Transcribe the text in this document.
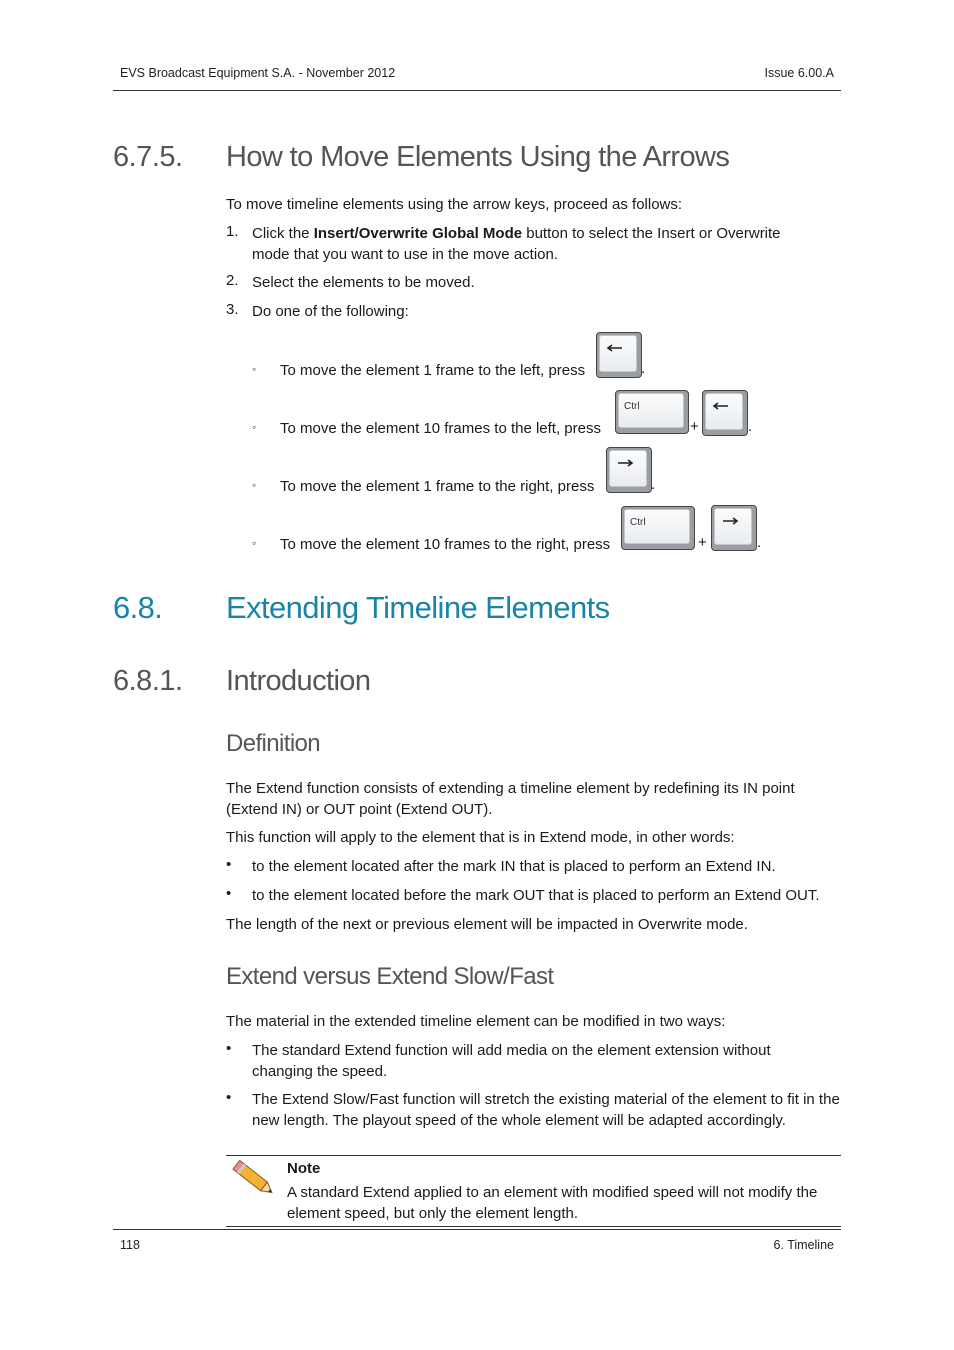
EVS Broadcast Equipment S.A. - November 2012	Issue 6.00.A
6.7.5. How to Move Elements Using the Arrows
To move timeline elements using the arrow keys, proceed as follows:
1. Click the Insert/Overwrite Global Mode button to select the Insert or Overwrite mode that you want to use in the move action.
2. Select the elements to be moved.
3. Do one of the following:
◦ To move the element 1 frame to the left, press	.
◦ To move the element 10 frames to the left, press
Ctrl
+	.
◦ To move the element 1 frame to the right, press	.
◦ To move the element 10 frames to the right, press
Ctrl
+	.
6.8. Extending Timeline Elements
6.8.1. Introduction
Definition
The Extend function consists of extending a timeline element by redefining its IN point (Extend IN) or OUT point (Extend OUT).
This function will apply to the element that is in Extend mode, in other words:
• to the element located after the mark IN that is placed to perform an Extend IN.
• to the element located before the mark OUT that is placed to perform an Extend OUT.
The length of the next or previous element will be impacted in Overwrite mode.
Extend versus Extend Slow/Fast
The material in the extended timeline element can be modified in two ways:
• The standard Extend function will add media on the element extension without changing the speed.
• The Extend Slow/Fast function will stretch the existing material of the element to fit in the new length. The playout speed of the whole element will be adapted accordingly.
Note
A standard Extend applied to an element with modified speed will not modify the element speed, but only the element length.
118	6. Timeline
